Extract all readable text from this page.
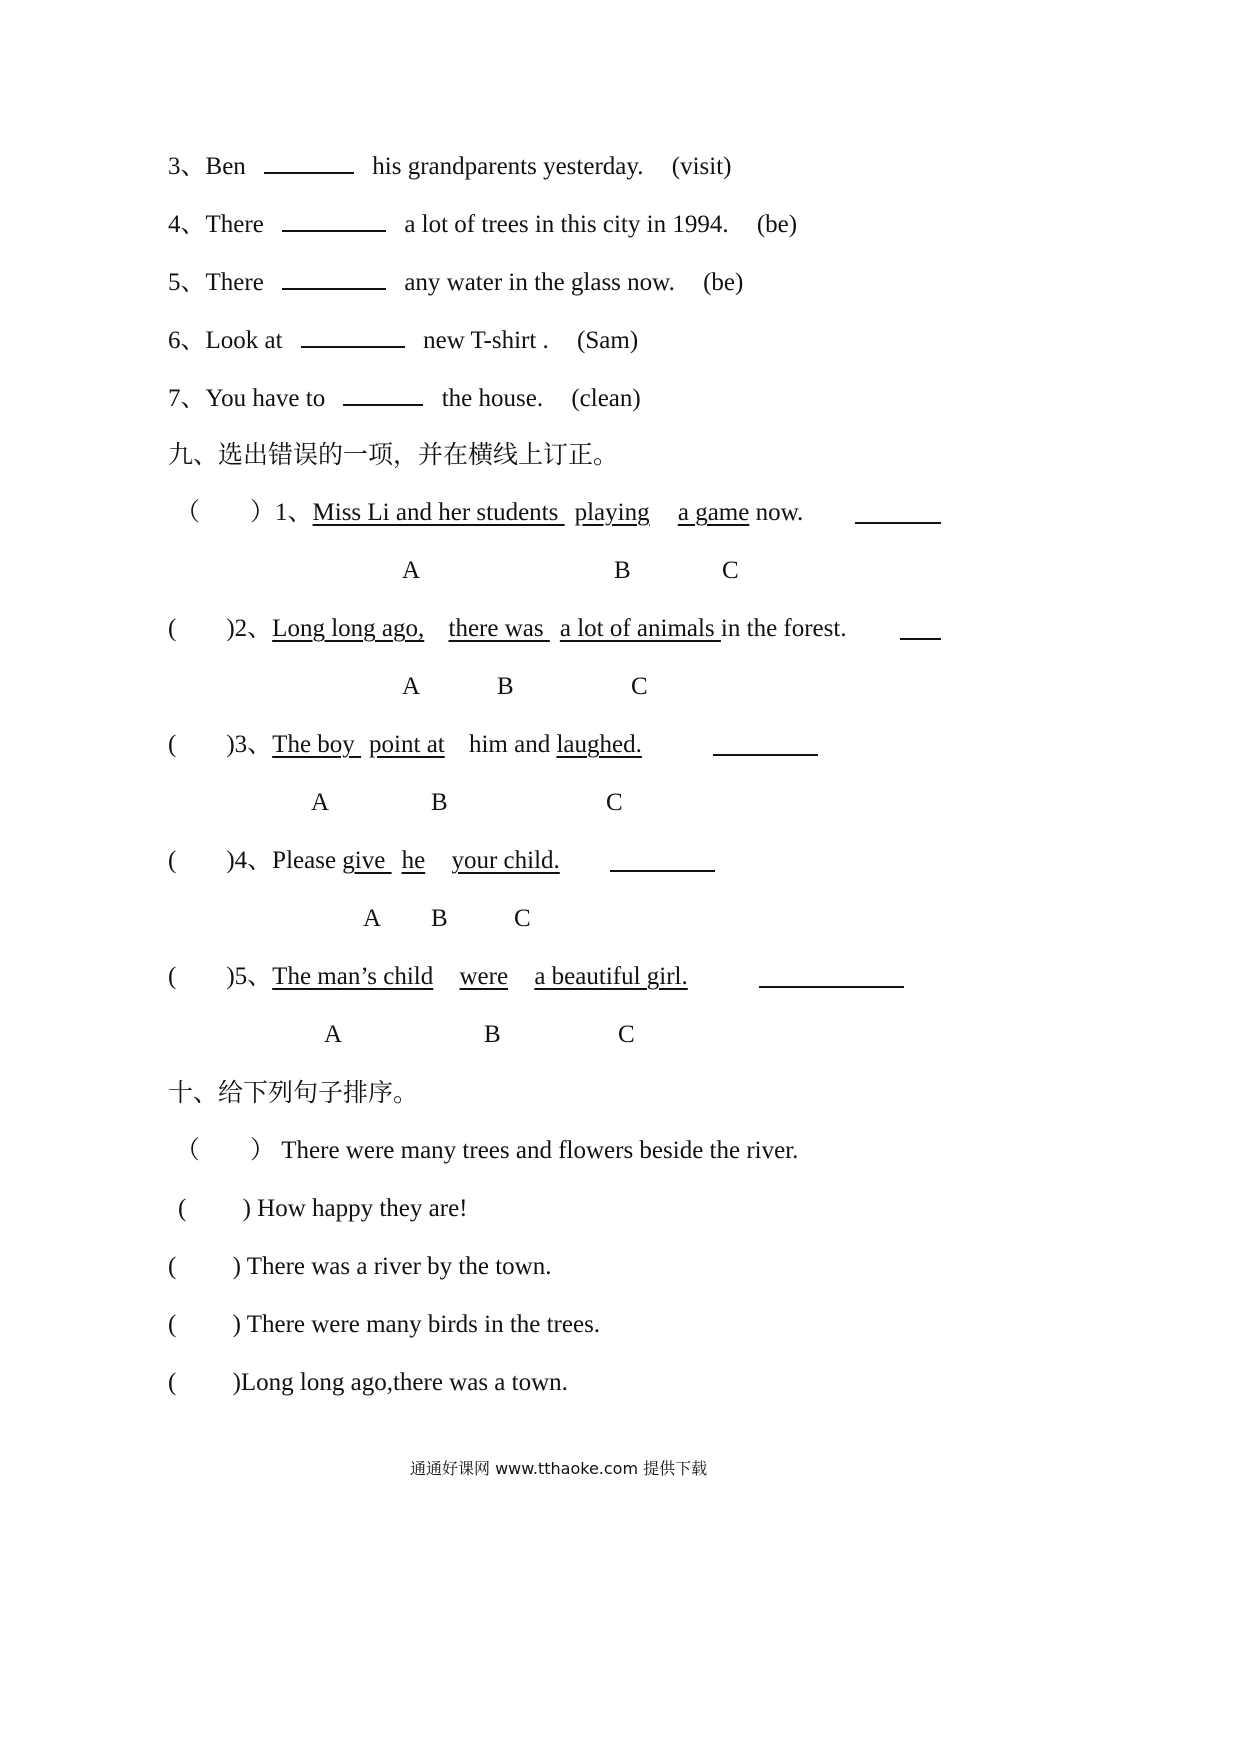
3、Ben	his grandparents yesterday. (visit)
4、There	a lot of trees in this city in 1994. (be)
5、There	any water in the glass now. (be)
6、Look at	new T-shirt . (Sam)
7、You have to	the house. (clean)
九、选出错误的一项，并在横线上订正。
（　　）1、Miss Li and her students playing a game now.
A	B	C
(　　)2、Long long ago, there was a lot of animals in the forest.
A	B	C
(　　)3、The boy point at him and laughed.
A	B	C
(　　)4、Please give he your child.
A B	C
(　　)5、The man’s child were a beautiful girl.
A	B	C
十、给下列句子排序。
（　　） There were many trees and flowers beside the river.
(　　 ) How happy they are!
(　　 ) There was a river by the town.
(　　 ) There were many birds in the trees.
(　　 )Long long ago,there was a town.
通通好课网 www.tthaoke.com 提供下载
